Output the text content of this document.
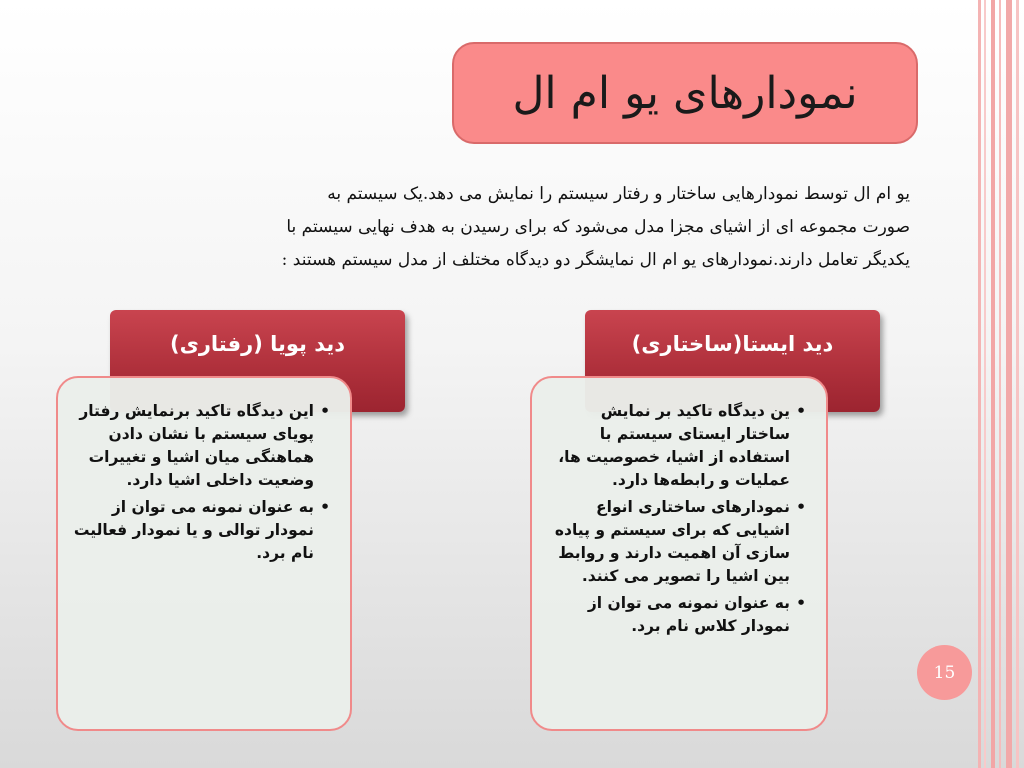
نمودارهای یو ام ال
یو ام ال توسط نمودارهایی ساختار و رفتار سیستم را نمایش می دهد.یک سیستم به
صورت مجموعه ای از اشیای مجزا مدل می‌شود که برای رسیدن به هدف نهایی سیستم با
یکدیگر تعامل دارند.نمودارهای یو ام ال نمایشگر دو دیدگاه مختلف از مدل سیستم هستند :
دید ایستا(ساختاری)
•
ین دیدگاه تاکید بر نمایش ساختار ایستای سیستم با استفاده از اشیا، خصوصیت ها، عملیات و رابطه‌ها دارد.
•
نمودارهای ساختاری انواع اشیایی که برای سیستم و پیاده سازی آن اهمیت دارند و روابط بین اشیا را تصویر می کنند.
•
به عنوان نمونه می توان از نمودار کلاس نام برد.
دید پویا (رفتاری)
•
این دیدگاه تاکید برنمایش رفتار پویای سیستم با نشان دادن هماهنگی میان اشیا و تغییرات وضعیت داخلی اشیا دارد.
•
به عنوان نمونه می توان از نمودار توالی و یا نمودار فعالیت نام برد.
15
